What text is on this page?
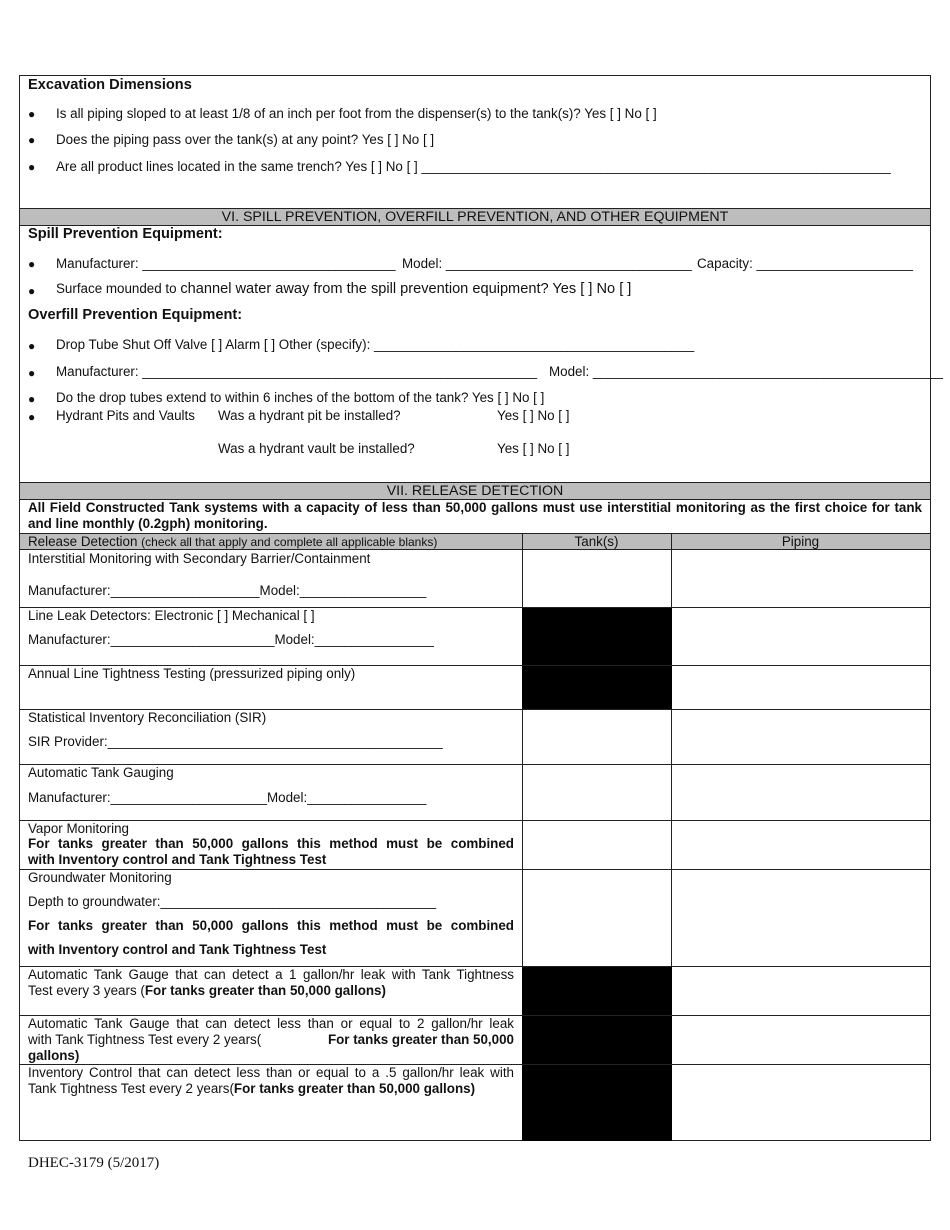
Excavation Dimensions
● Is all piping sloped to at least 1/8 of an inch per foot from the dispenser(s) to the tank(s)? Yes [ ] No [ ]
● Does the piping pass over the tank(s) at any point? Yes [ ] No [ ]
● Are all product lines located in the same trench? Yes [ ] No [ ] _______________________________________________________________
VI. SPILL PREVENTION, OVERFILL PREVENTION, AND OTHER EQUIPMENT
Spill Prevention Equipment:
● Manufacturer: __________________________________ Model: _________________________________ Capacity: _____________________
● Surface mounded to channel water away from the spill prevention equipment? Yes [ ] No [ ]
Overfill Prevention Equipment:
● Drop Tube Shut Off Valve [ ] Alarm [ ] Other (specify): ___________________________________________
● Manufacturer: _____________________________________________________ Model: _______________________________________________
● Do the drop tubes extend to within 6 inches of the bottom of the tank? Yes [ ] No [ ]
● Hydrant Pits and Vaults Was a hydrant pit be installed?	Yes [ ] No [ ]
Was a hydrant vault be installed?	Yes [ ] No [ ]
VII. RELEASE DETECTION
All Field Constructed Tank systems with a capacity of less than 50,000 gallons must use interstitial monitoring as the first choice for tank and line monthly (0.2gph) monitoring.
Release Detection (check all that apply and complete all applicable blanks)	Tank(s)	Piping
Interstitial Monitoring with Secondary Barrier/Containment
Manufacturer:____________________Model:_________________
Line Leak Detectors: Electronic [ ] Mechanical [ ]
Manufacturer:______________________Model:________________
Annual Line Tightness Testing (pressurized piping only)
Statistical Inventory Reconciliation (SIR)
SIR Provider:_____________________________________________
Automatic Tank Gauging
Manufacturer:_____________________Model:________________
Vapor Monitoring
For tanks greater than 50,000 gallons this method must be combined
with Inventory control and Tank Tightness Test
Groundwater Monitoring
Depth to groundwater:_____________________________________
For tanks greater than 50,000 gallons this method must be combined
with Inventory control and Tank Tightness Test
Automatic Tank Gauge that can detect a 1 gallon/hr leak with Tank Tightness
Test every 3 years (For tanks greater than 50,000 gallons)
Automatic Tank Gauge that can detect less than or equal to 2 gallon/hr leak
with Tank Tightness Test every 2 years(	For tanks greater than 50,000
gallons)
Inventory Control that can detect less than or equal to a .5 gallon/hr leak with
Tank Tightness Test every 2 years(For tanks greater than 50,000 gallons)
DHEC-3179 (5/2017)
